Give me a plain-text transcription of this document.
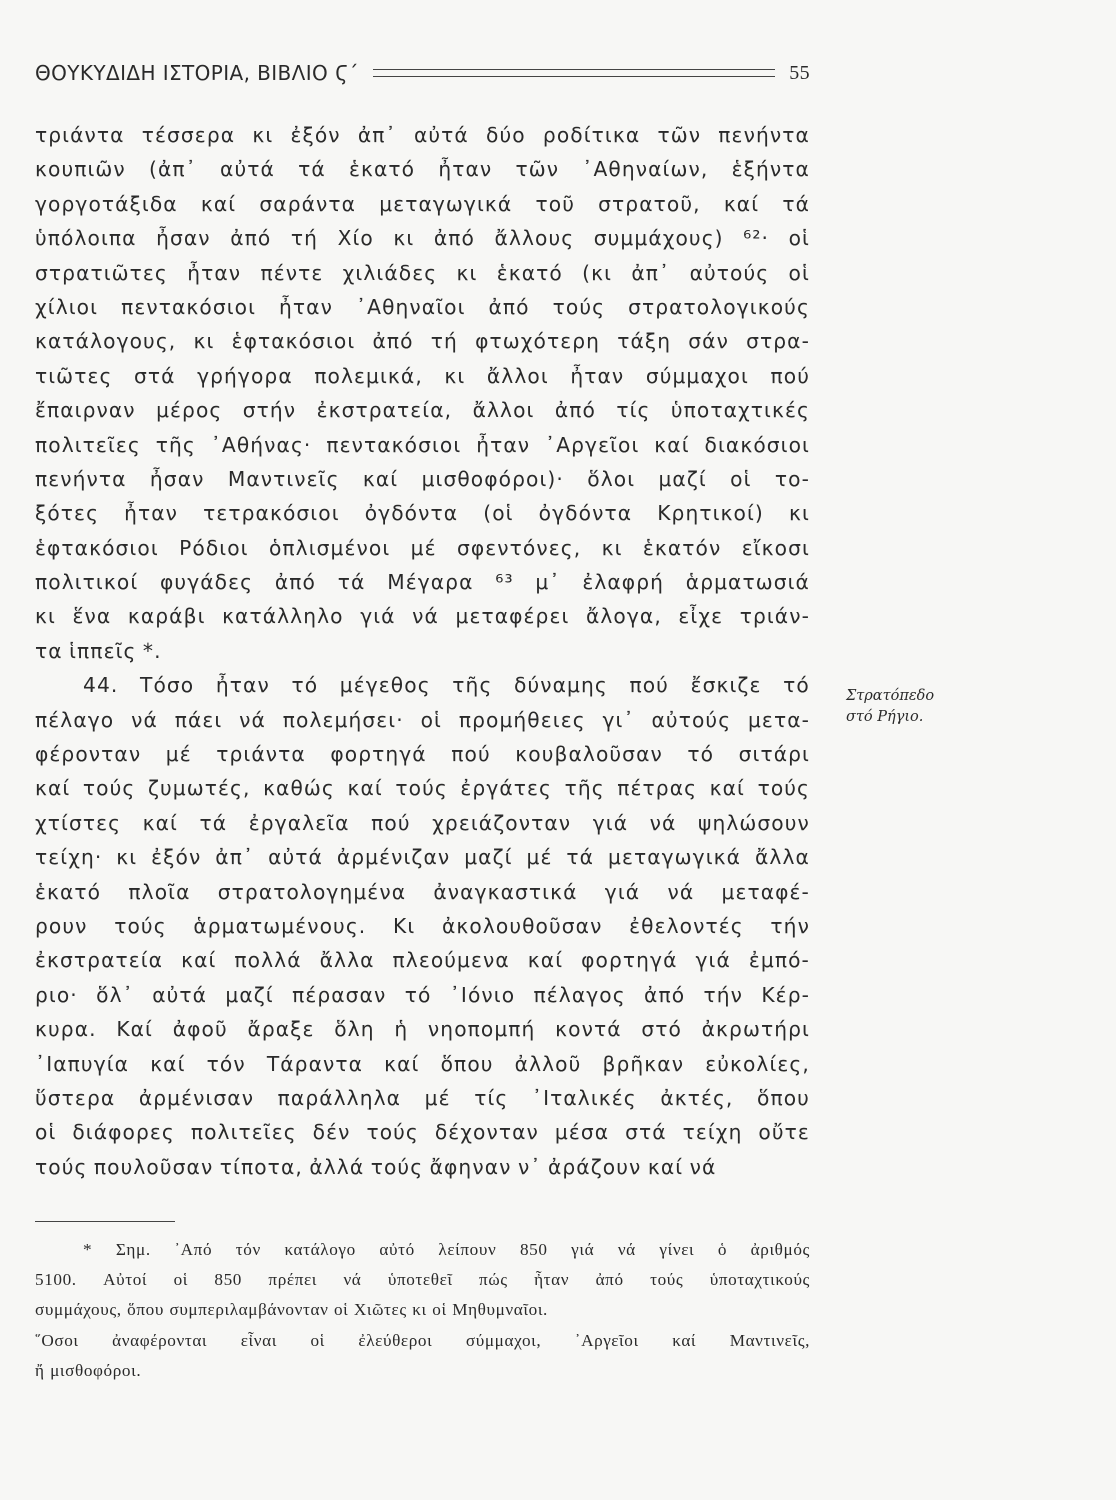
ΘΟΥΚΥΔΙΔΗ ΙΣΤΟΡΙΑ, ΒΙΒΛΙΟ Ϛ΄	55
τριάντα τέσσερα κι ἐξόν ἀπ᾽ αὐτά δύο ροδίτικα τῶν πενήντα
κουπιῶν (ἀπ᾽ αὐτά τά ἑκατό ἦταν τῶν ᾽Αθηναίων, ἑξήντα
γοργοτάξιδα καί σαράντα μεταγωγικά τοῦ στρατοῦ, καί τά
ὑπόλοιπα ἦσαν ἀπό τή Χίο κι ἀπό ἄλλους συμμάχους) ⁶²· οἱ
στρατιῶτες ἦταν πέντε χιλιάδες κι ἑκατό (κι ἀπ᾽ αὐτούς οἱ
χίλιοι πεντακόσιοι ἦταν ᾽Αθηναῖοι ἀπό τούς στρατολογικούς
κατάλογους, κι ἑφτακόσιοι ἀπό τή φτωχότερη τάξη σάν στρα-
τιῶτες στά γρήγορα πολεμικά, κι ἄλλοι ἦταν σύμμαχοι πού
ἔπαιρναν μέρος στήν ἐκστρατεία, ἄλλοι ἀπό τίς ὑποταχτικές
πολιτεῖες τῆς ᾽Αθήνας· πεντακόσιοι ἦταν ᾽Αργεῖοι καί διακόσιοι
πενήντα ἦσαν Μαντινεῖς καί μισθοφόροι)· ὅλοι μαζί οἱ το-
ξότες ἦταν τετρακόσιοι ὀγδόντα (οἱ ὀγδόντα Κρητικοί) κι
ἑφτακόσιοι Ρόδιοι ὁπλισμένοι μέ σφεντόνες, κι ἑκατόν εἴκοσι
πολιτικοί φυγάδες ἀπό τά Μέγαρα ⁶³ μ᾽ ἐλαφρή ἁρματωσιά
κι ἕνα καράβι κατάλληλο γιά νά μεταφέρει ἄλογα, εἶχε τριάν-
τα ἱππεῖς *.
44. Τόσο ἦταν τό μέγεθος τῆς δύναμης πού ἔσκιζε τό
πέλαγο νά πάει νά πολεμήσει· οἱ προμήθειες γι᾽ αὐτούς μετα-
φέρονταν μέ τριάντα φορτηγά πού κουβαλοῦσαν τό σιτάρι
καί τούς ζυμωτές, καθώς καί τούς ἐργάτες τῆς πέτρας καί τούς
χτίστες καί τά ἐργαλεῖα πού χρειάζονταν γιά νά ψηλώσουν
τείχη· κι ἐξόν ἀπ᾽ αὐτά ἀρμένιζαν μαζί μέ τά μεταγωγικά ἄλλα
ἑκατό πλοῖα στρατολογημένα ἀναγκαστικά γιά νά μεταφέ-
ρουν τούς ἁρματωμένους. Κι ἀκολουθοῦσαν ἐθελοντές τήν
ἐκστρατεία καί πολλά ἄλλα πλεούμενα καί φορτηγά γιά ἐμπό-
ριο· ὅλ᾽ αὐτά μαζί πέρασαν τό ᾽Ιόνιο πέλαγος ἀπό τήν Κέρ-
κυρα. Καί ἀφοῦ ἄραξε ὅλη ἡ νηοπομπή κοντά στό ἀκρωτήρι
᾽Ιαπυγία καί τόν Τάραντα καί ὅπου ἀλλοῦ βρῆκαν εὐκολίες,
ὕστερα ἀρμένισαν παράλληλα μέ τίς ᾽Ιταλικές ἀκτές, ὅπου
οἱ διάφορες πολιτεῖες δέν τούς δέχονταν μέσα στά τείχη οὔτε
τούς πουλοῦσαν τίποτα, ἀλλά τούς ἄφηναν ν᾽ ἀράζουν καί νά
Στρατόπεδο
στό Ρήγιο.
* Σημ. ᾽Από τόν κατάλογο αὐτό λείπουν 850 γιά νά γίνει ὁ ἀριθμός
5100. Αὐτοί οἱ 850 πρέπει νά ὑποτεθεῖ πώς ἦταν ἀπό τούς ὑποταχτικούς
συμμάχους, ὅπου συμπεριλαμβάνονταν οἱ Χιῶτες κι οἱ Μηθυμναῖοι.
῞Οσοι ἀναφέρονται εἶναι οἱ ἐλεύθεροι σύμμαχοι, ᾽Αργεῖοι καί Μαντινεῖς,
ἤ μισθοφόροι.
